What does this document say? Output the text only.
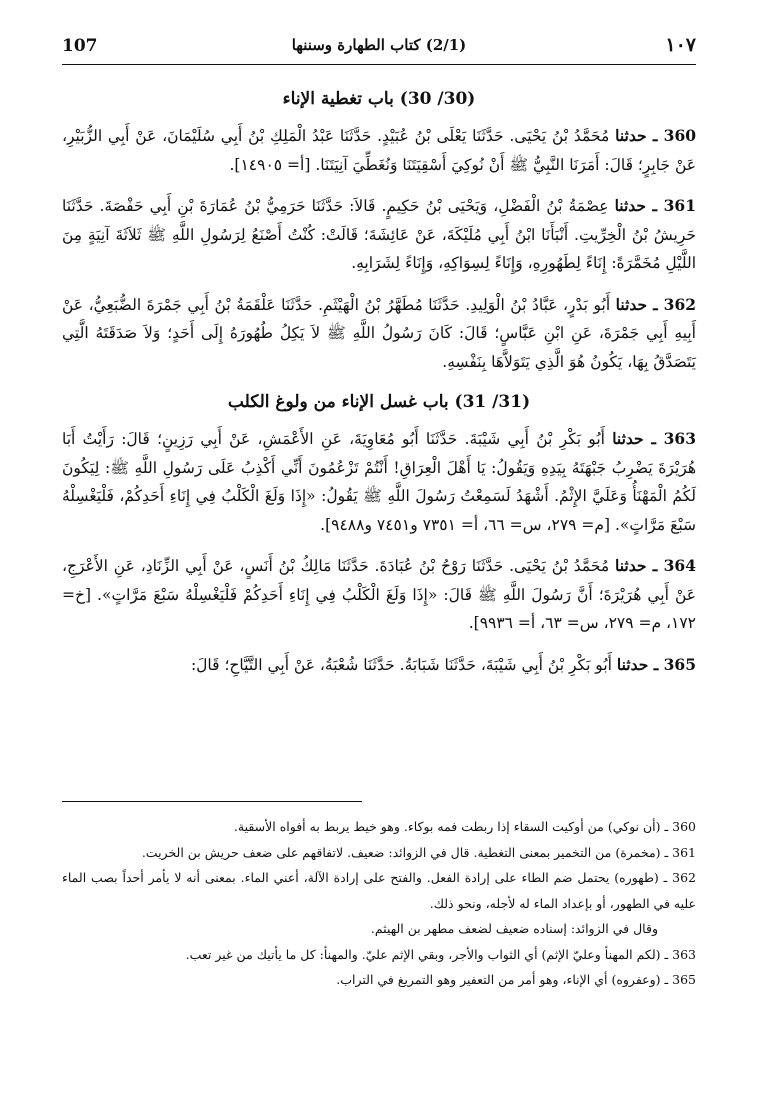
107	(2/1) كتاب الطهارة وسننها	١٠٧
(30/ 30) باب تغطية الإناء

360 ـ حدثنا مُحَمَّدُ بْنُ يَحْيَى. حَدَّثَنَا يَعْلَى بْنُ عُبَيْدٍ. حَدَّثَنَا عَبْدُ الْمَلِكِ بْنُ أَبِي سُلَيْمَانَ، عَنْ أَبِي الزُّبَيْرِ، عَنْ جَابِرٍ؛ قَالَ: أَمَرَنَا النَّبِيُّ ﷺ أَنْ نُوكِيَ أَسْقِيَتَنَا وَنُغَطِّيَ آنِيَتَنَا. [أ= ١٤٩٠٥].

361 ـ حدثنا عِصْمَةُ بْنُ الْفَضْلِ، وَيَحْيَى بْنُ حَكِيمٍ. قَالاَ: حَدَّثَنَا حَرَمِيُّ بْنُ عُمَارَةَ بْنِ أَبِي حَفْصَةَ. حَدَّثَنَا حَرِيشُ بْنُ الْخِرِّيتِ. أَنْبَأَنَا ابْنُ أَبِي مُلَيْكَةَ، عَنْ عَائِشَةَ؛ قَالَتْ: كُنْتُ أَصْنَعُ لِرَسُولِ اللَّهِ ﷺ ثَلاَثَةَ آنِيَةٍ مِنَ اللَّيْلِ مُخَمَّرَةً: إِنَاءً لِطَهُورِهِ، وَإِنَاءً لِسِوَاكِهِ، وَإِنَاءً لِشَرَابِهِ.

362 ـ حدثنا أَبُو بَدْرٍ، عَبَّادُ بْنُ الْوَلِيدِ. حَدَّثَنَا مُطَهَّرُ بْنُ الْهَيْثَمِ. حَدَّثَنَا عَلْقَمَةُ بْنُ أَبِي جَمْرَةَ الضُّبَعِيُّ، عَنْ أَبِيهِ أَبِي جَمْرَةَ، عَنِ ابْنِ عَبَّاسٍ؛ قَالَ: كَانَ رَسُولُ اللَّهِ ﷺ لاَ يَكِلُ طُهُورَهُ إِلَى أَحَدٍ؛ وَلاَ صَدَقَتَهُ الَّتِي يَتَصَدَّقُ بِهَا، يَكُونُ هُوَ الَّذِي يَتَوَلاَّهَا بِنَفْسِهِ.

(31/ 31) باب غسل الإناء من ولوغ الكلب

363 ـ حدثنا أَبُو بَكْرِ بْنُ أَبِي شَيْبَةَ. حَدَّثَنَا أَبُو مُعَاوِيَةَ، عَنِ الأَعْمَشِ، عَنْ أَبِي رَزِينٍ؛ قَالَ: رَأَيْتُ أَبَا هُرَيْرَةَ يَضْرِبُ جَبْهَتَهُ بِيَدِهِ وَيَقُولُ: يَا أَهْلَ الْعِرَاقِ! أَنْتُمْ تَزْعُمُونَ أَنِّي أَكْذِبُ عَلَى رَسُولِ اللَّهِ ﷺ: لِيَكُونَ لَكُمُ الْمَهْنَأُ وَعَلَيَّ الإِثْمُ. أَشْهَدُ لَسَمِعْتُ رَسُولَ اللَّهِ ﷺ يَقُولُ: «إِذَا وَلَغَ الْكَلْبُ فِي إِنَاءِ أَحَدِكُمْ، فَلْيَغْسِلْهُ سَبْعَ مَرَّاتٍ». [م= ٢٧٩، س= ٦٦، أ= ٧٣٥١ و٧٤٥١ و٩٤٨٨].

364 ـ حدثنا مُحَمَّدُ بْنُ يَحْيَى. حَدَّثَنَا رَوْحُ بْنُ عُبَادَةَ. حَدَّثَنَا مَالِكُ بْنُ أَنَسٍ، عَنْ أَبِي الزِّنَادِ، عَنِ الأَعْرَجِ، عَنْ أَبِي هُرَيْرَةَ؛ أَنَّ رَسُولَ اللَّهِ ﷺ قَالَ: «إِذَا وَلَغَ الْكَلْبُ فِي إِنَاءِ أَحَدِكُمْ فَلْيَغْسِلْهُ سَبْعَ مَرَّاتٍ». [خ= ١٧٢، م= ٢٧٩، س= ٦٣، أ= ٩٩٣٦].

365 ـ حدثنا أَبُو بَكْرِ بْنُ أَبِي شَيْبَةَ، حَدَّثَنَا شَبَابَةُ. حَدَّثَنَا شُعْبَةُ، عَنْ أَبِي التَّيَّاحِ؛ قَالَ:

360 ـ (أن نوكي) من أوكيت السقاء إذا ربطت فمه بوكاء. وهو خيط يربط به أفواه الأسقية.

361 ـ (مخمرة) من التخمير بمعنى التغطية. قال في الزوائد: ضعيف. لاتفاقهم على ضعف حريش بن الخريت.

362 ـ (طهوره) يحتمل ضم الطاء على إرادة الفعل. والفتح على إرادة الآلة، أعني الماء. بمعنى أنه لا يأمر أحداً بصب الماء عليه في الطهور، أو بإعداد الماء له لأجله، ونحو ذلك.

وقال في الزوائد: إسناده ضعيف لضعف مطهر بن الهيثم.

363 ـ (لكم المهنأ وعليّ الإثم) أي الثواب والأجر، وبقي الإثم عليّ. والمهنأ: كل ما يأتيك من غير تعب.

365 ـ (وعفروه) أي الإناء، وهو أمر من التعفير وهو التمريغ في التراب.
